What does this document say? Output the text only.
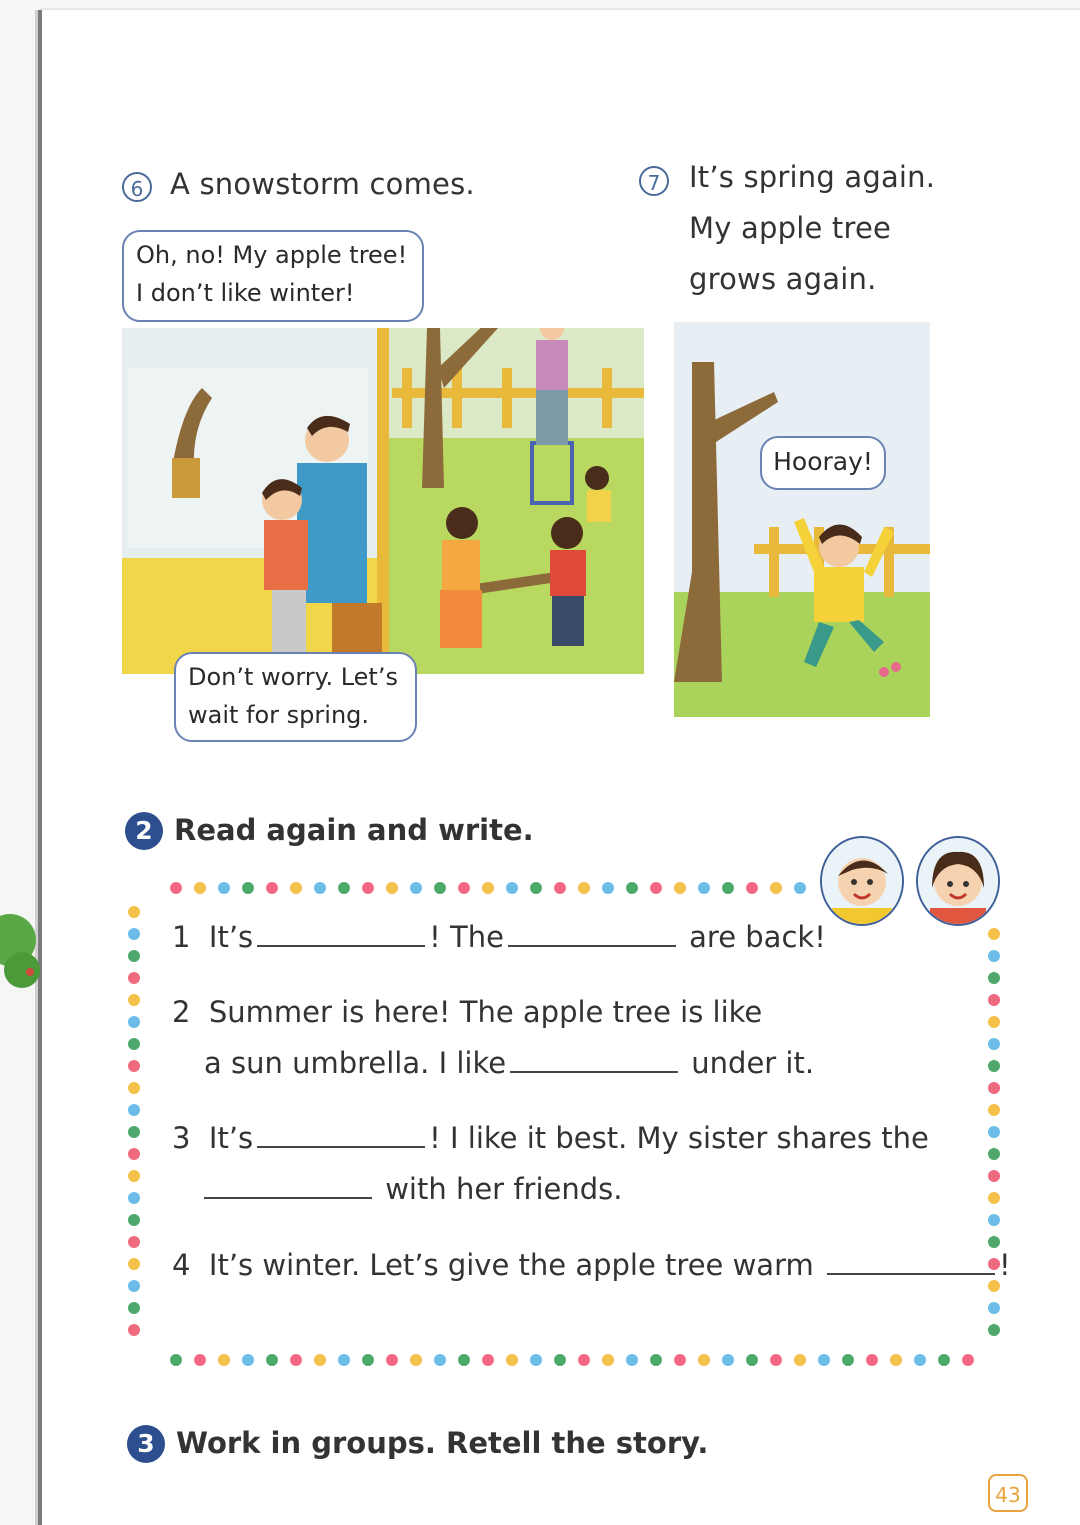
6 A snowstorm comes.
Oh, no! My apple tree!
I don’t like winter!
Don’t worry. Let’s
wait for spring.
7 It’s spring again.
My apple tree
grows again.
Hooray!
2 Read again and write.
1 It’s	! The	are back!
2 Summer is here! The apple tree is like
a sun umbrella. I like	under it.
3 It’s	! I like it best. My sister shares the
with her friends.
4 It’s winter. Let’s give the apple tree warm	!
3 Work in groups. Retell the story.
43
